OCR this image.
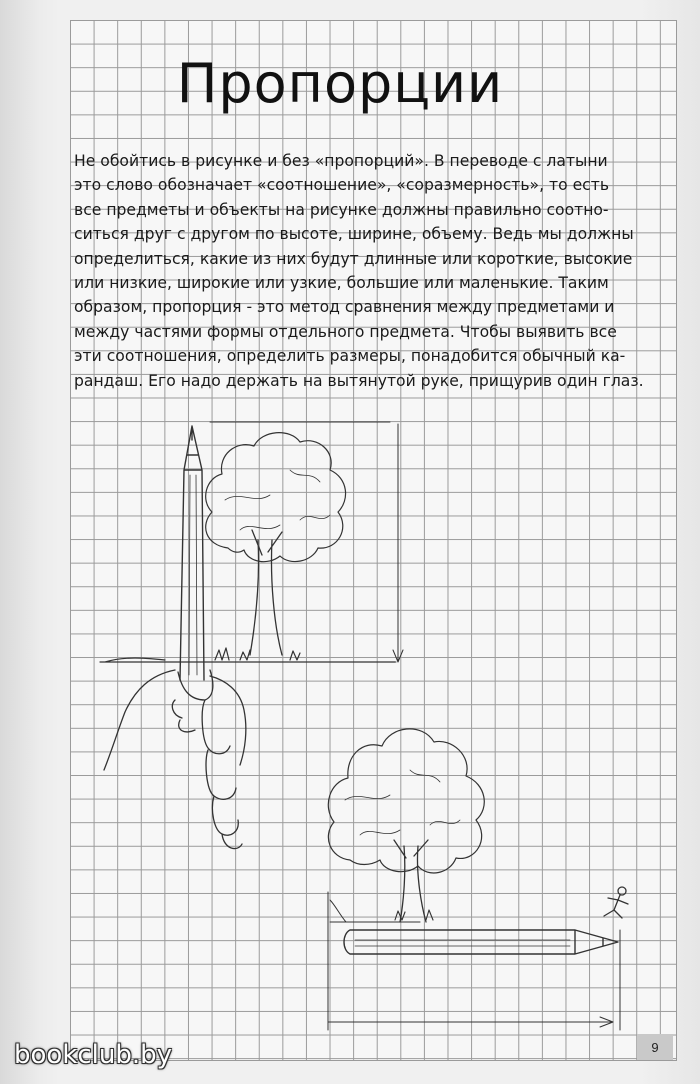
Пропорции
Не обойтись в рисунке и без «пропорций». В переводе с латыни
это слово обозначает «соотношение», «соразмерность», то есть
все предметы и объекты на рисунке должны правильно соотно-
ситься друг с другом по высоте, ширине, объему. Ведь мы должны
определиться, какие из них будут длинные или короткие, высокие
или низкие, широкие или узкие, большие или маленькие. Таким
образом, пропорция - это метод сравнения между предметами и
между частями формы отдельного предмета. Чтобы выявить все
эти соотношения, определить размеры, понадобится обычный ка-
рандаш. Его надо держать на вытянутой руке, прищурив один глаз.
9
bookclub.by
